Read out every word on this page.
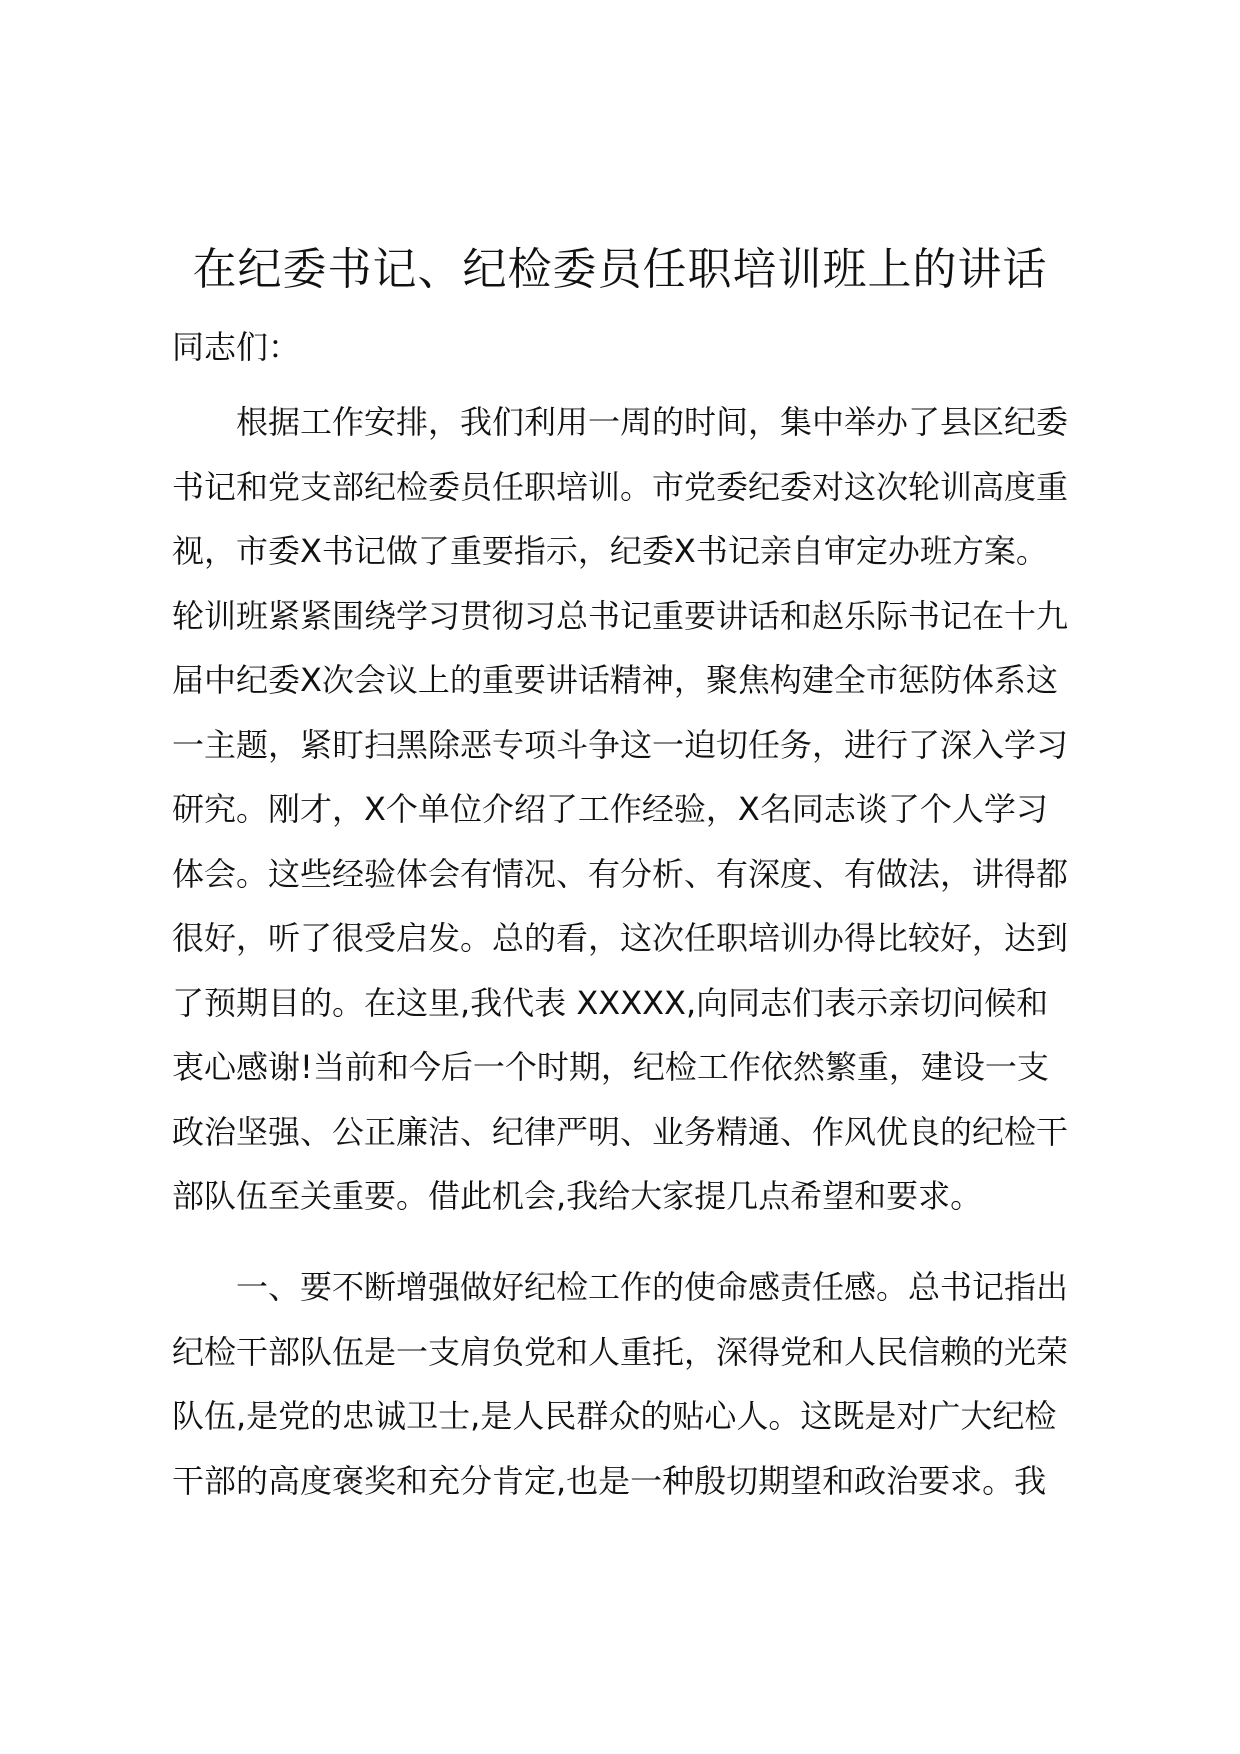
在纪委书记、纪检委员任职培训班上的讲话
同志们：
根据工作安排，我们利用一周的时间，集中举办了县区纪委
书记和党支部纪检委员任职培训。市党委纪委对这次轮训高度重
视，市委X书记做了重要指示，纪委X书记亲自审定办班方案。
轮训班紧紧围绕学习贯彻习总书记重要讲话和赵乐际书记在十九
届中纪委X次会议上的重要讲话精神，聚焦构建全市惩防体系这
一主题，紧盯扫黑除恶专项斗争这一迫切任务，进行了深入学习
研究。刚才，X个单位介绍了工作经验，X名同志谈了个人学习
体会。这些经验体会有情况、有分析、有深度、有做法，讲得都
很好，听了很受启发。总的看，这次任职培训办得比较好，达到
了预期目的。在这里,我代表 XXXXX,向同志们表示亲切问候和
衷心感谢!当前和今后一个时期，纪检工作依然繁重，建设一支
政治坚强、公正廉洁、纪律严明、业务精通、作风优良的纪检干
部队伍至关重要。借此机会,我给大家提几点希望和要求。
一、要不断增强做好纪检工作的使命感责任感。总书记指出
纪检干部队伍是一支肩负党和人重托，深得党和人民信赖的光荣
队伍,是党的忠诚卫士,是人民群众的贴心人。这既是对广大纪检
干部的高度褒奖和充分肯定,也是一种殷切期望和政治要求。我
